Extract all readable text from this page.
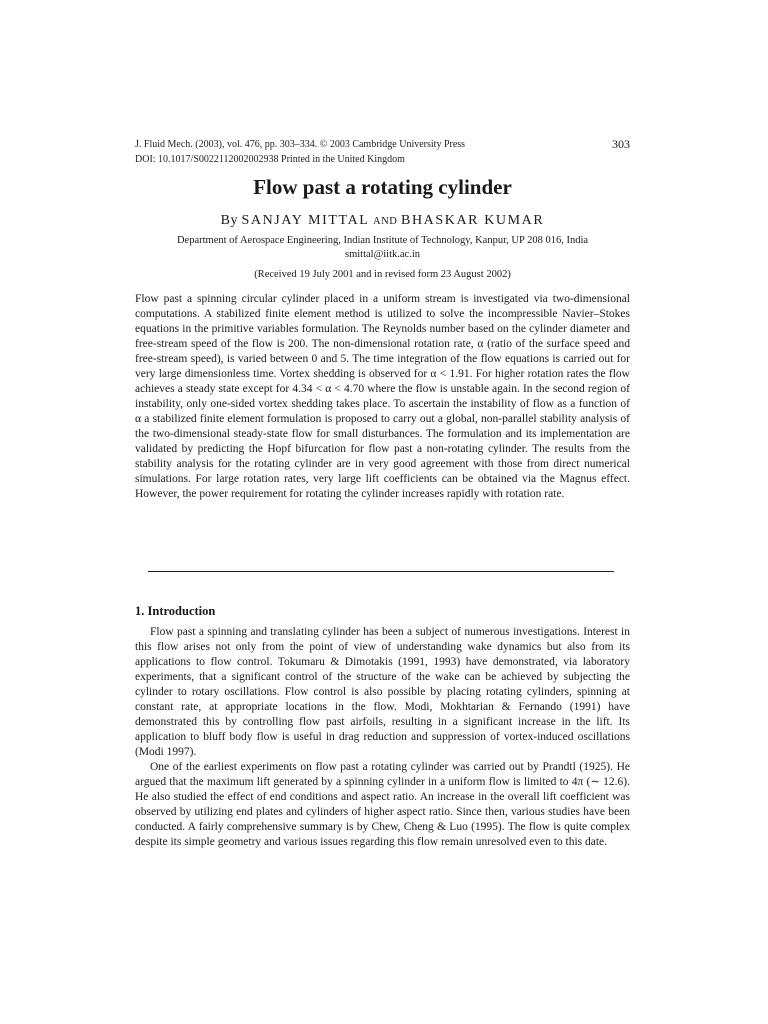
J. Fluid Mech. (2003), vol. 476, pp. 303–334. © 2003 Cambridge University Press
DOI: 10.1017/S0022112002002938 Printed in the United Kingdom
303
Flow past a rotating cylinder
By SANJAY MITTAL AND BHASKAR KUMAR
Department of Aerospace Engineering, Indian Institute of Technology, Kanpur, UP 208 016, India
smittal@iitk.ac.in
(Received 19 July 2001 and in revised form 23 August 2002)

Flow past a spinning circular cylinder placed in a uniform stream is investigated via two-dimensional computations. A stabilized finite element method is utilized to solve the incompressible Navier–Stokes equations in the primitive variables formulation. The Reynolds number based on the cylinder diameter and free-stream speed of the flow is 200. The non-dimensional rotation rate, α (ratio of the surface speed and free-stream speed), is varied between 0 and 5. The time integration of the flow equations is carried out for very large dimensionless time. Vortex shedding is observed for α < 1.91. For higher rotation rates the flow achieves a steady state except for 4.34 < α < 4.70 where the flow is unstable again. In the second region of instability, only one-sided vortex shedding takes place. To ascertain the instability of flow as a function of α a stabilized finite element formulation is proposed to carry out a global, non-parallel stability analysis of the two-dimensional steady-state flow for small disturbances. The formulation and its implementation are validated by predicting the Hopf bifurcation for flow past a non-rotating cylinder. The results from the stability analysis for the rotating cylinder are in very good agreement with those from direct numerical simulations. For large rotation rates, very large lift coefficients can be obtained via the Magnus effect. However, the power requirement for rotating the cylinder increases rapidly with rotation rate.

1. Introduction

Flow past a spinning and translating cylinder has been a subject of numerous investigations. Interest in this flow arises not only from the point of view of understanding wake dynamics but also from its applications to flow control. Tokumaru & Dimotakis (1991, 1993) have demonstrated, via laboratory experiments, that a significant control of the structure of the wake can be achieved by subjecting the cylinder to rotary oscillations. Flow control is also possible by placing rotating cylinders, spinning at constant rate, at appropriate locations in the flow. Modi, Mokhtarian & Fernando (1991) have demonstrated this by controlling flow past airfoils, resulting in a significant increase in the lift. Its application to bluff body flow is useful in drag reduction and suppression of vortex-induced oscillations (Modi 1997).

One of the earliest experiments on flow past a rotating cylinder was carried out by Prandtl (1925). He argued that the maximum lift generated by a spinning cylinder in a uniform flow is limited to 4π (∼ 12.6). He also studied the effect of end conditions and aspect ratio. An increase in the overall lift coefficient was observed by utilizing end plates and cylinders of higher aspect ratio. Since then, various studies have been conducted. A fairly comprehensive summary is by Chew, Cheng & Luo (1995). The flow is quite complex despite its simple geometry and various issues regarding this flow remain unresolved even to this date.
